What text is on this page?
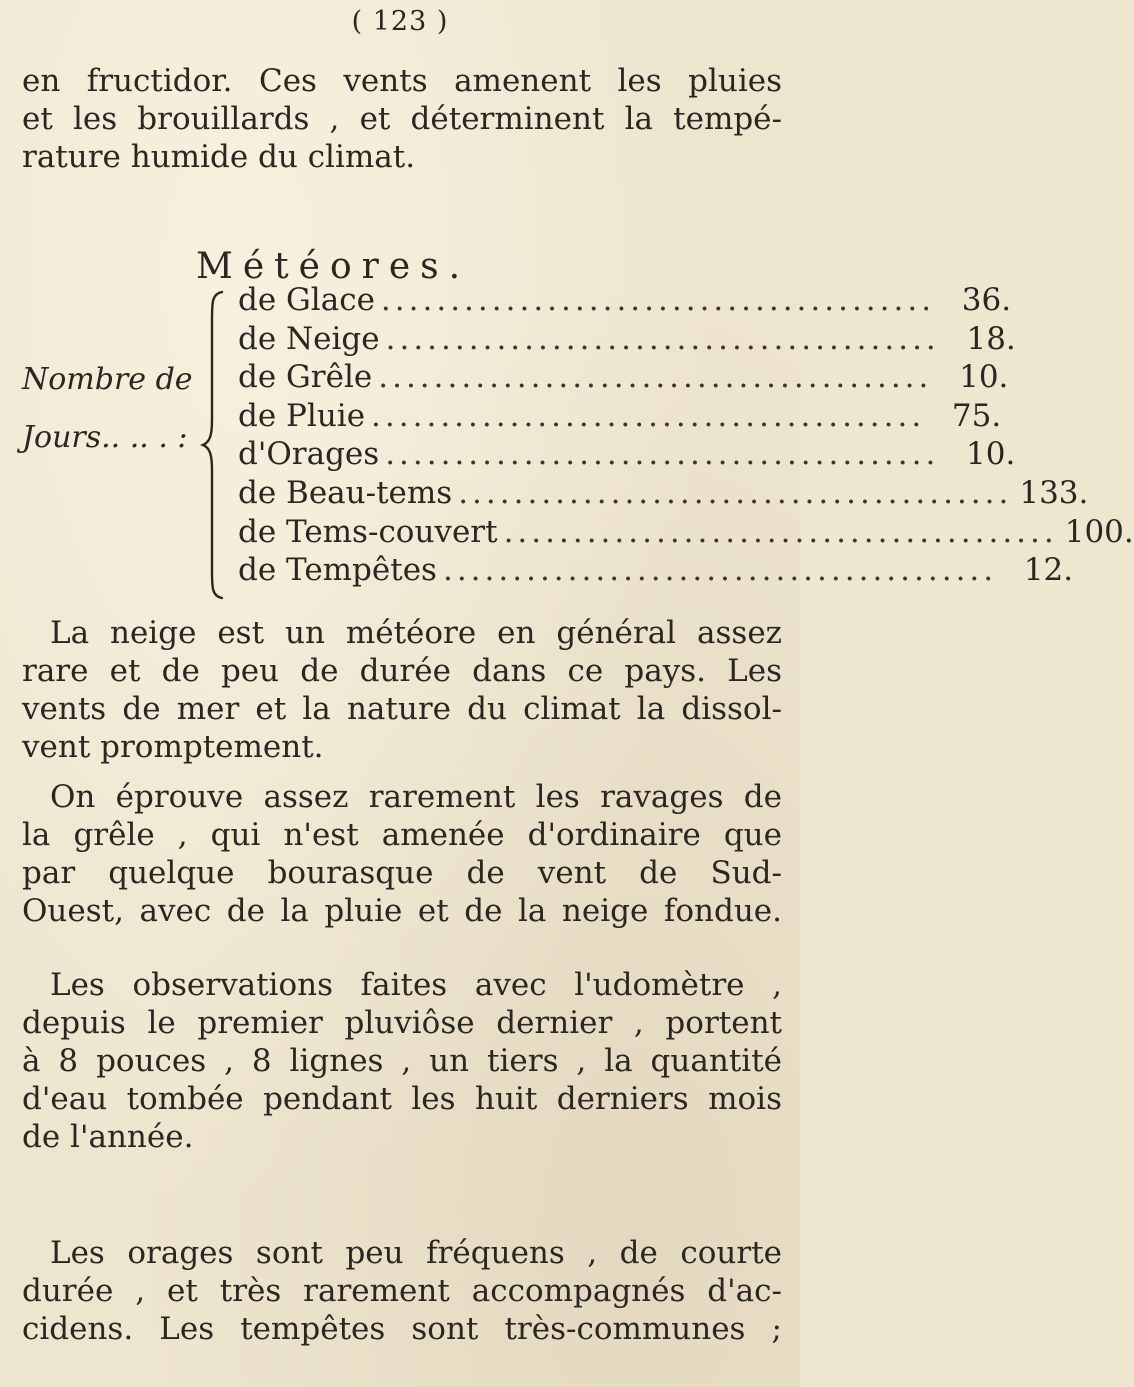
( 123 )
en fructidor. Ces vents amenent les pluies
et les brouillards , et déterminent la tempé-
rature humide du climat.
Météores.
Nombre de
Jours.. .. . :
de Glace ........................................ 36.
de Neige ........................................ 18.
de Grêle ........................................ 10.
de Pluie ........................................ 75.
d'Orages ........................................ 10.
de Beau-tems ........................................ 133.
de Tems-couvert ........................................ 100.
de Tempêtes ........................................ 12.
La neige est un météore en général assez
rare et de peu de durée dans ce pays. Les
vents de mer et la nature du climat la dissol-
vent promptement.
On éprouve assez rarement les ravages de
la grêle , qui n'est amenée d'ordinaire que
par quelque bourasque de vent de Sud-
Ouest, avec de la pluie et de la neige fondue.
Les observations faites avec l'udomètre ,
depuis le premier pluviôse dernier , portent
à 8 pouces , 8 lignes , un tiers , la quantité
d'eau tombée pendant les huit derniers mois
de l'année.
Les orages sont peu fréquens , de courte
durée , et très rarement accompagnés d'ac-
cidens. Les tempêtes sont très-communes ;
